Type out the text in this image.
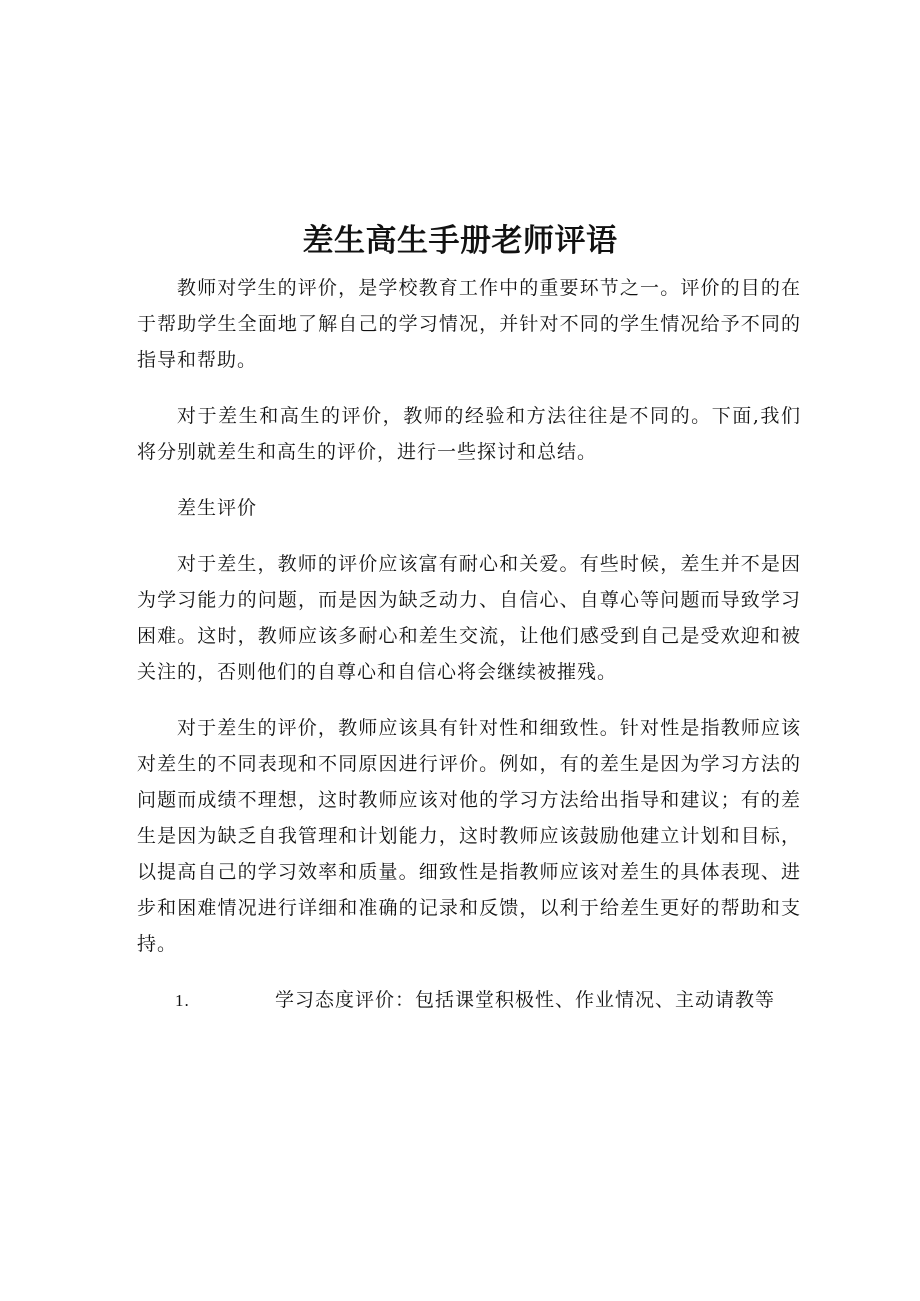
差生高生手册老师评语

教师对学生的评价，是学校教育工作中的重要环节之一。评价的目的在于帮助学生全面地了解自己的学习情况，并针对不同的学生情况给予不同的指导和帮助。

对于差生和高生的评价，教师的经验和方法往往是不同的。下面,我们将分别就差生和高生的评价，进行一些探讨和总结。

差生评价

对于差生，教师的评价应该富有耐心和关爱。有些时候，差生并不是因为学习能力的问题，而是因为缺乏动力、自信心、自尊心等问题而导致学习困难。这时，教师应该多耐心和差生交流，让他们感受到自己是受欢迎和被关注的，否则他们的自尊心和自信心将会继续被摧残。

对于差生的评价，教师应该具有针对性和细致性。针对性是指教师应该对差生的不同表现和不同原因进行评价。例如，有的差生是因为学习方法的问题而成绩不理想，这时教师应该对他的学习方法给出指导和建议；有的差生是因为缺乏自我管理和计划能力，这时教师应该鼓励他建立计划和目标，以提高自己的学习效率和质量。细致性是指教师应该对差生的具体表现、进步和困难情况进行详细和准确的记录和反馈，以利于给差生更好的帮助和支持。

1.	学习态度评价：包括课堂积极性、作业情况、主动请教等
